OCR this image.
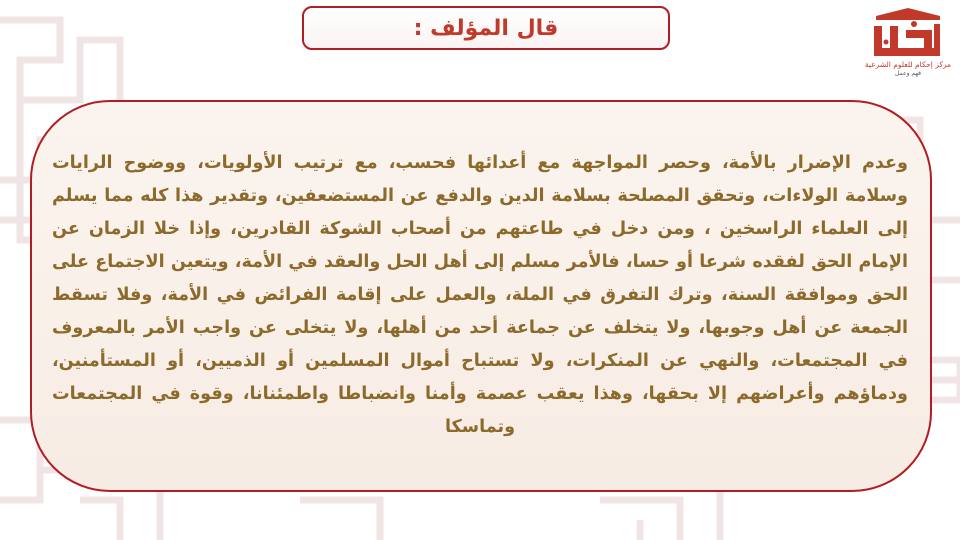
قال المؤلف :
مركز إحكام للعلوم الشرعية
فهم وعمل

وعدم الإضرار بالأمة، وحصر المواجهة مع أعدائها فحسب، مع ترتيب الأولويات، ووضوح الرايات وسلامة الولاءات، وتحقق المصلحة بسلامة الدين والدفع عن المستضعفين، وتقدير هذا كله مما يسلم إلى العلماء الراسخين ، ومن دخل في طاعتهم من أصحاب الشوكة القادرين، وإذا خلا الزمان عن الإمام الحق لفقده شرعا أو حسا، فالأمر مسلم إلى أهل الحل والعقد في الأمة، ويتعين الاجتماع على الحق وموافقة السنة، وترك التفرق في الملة، والعمل على إقامة الفرائض في الأمة، وفلا تسقط الجمعة عن أهل وجوبها، ولا يتخلف عن جماعة أحد من أهلها، ولا يتخلى عن واجب الأمر بالمعروف في المجتمعات، والنهي عن المنكرات، ولا تستباح أموال المسلمين أو الذميين، أو المستأمنين، ودماؤهم وأعراضهم إلا بحقها، وهذا يعقب عصمة وأمنا وانضباطا واطمئنانا، وقوة في المجتمعات وتماسكا
